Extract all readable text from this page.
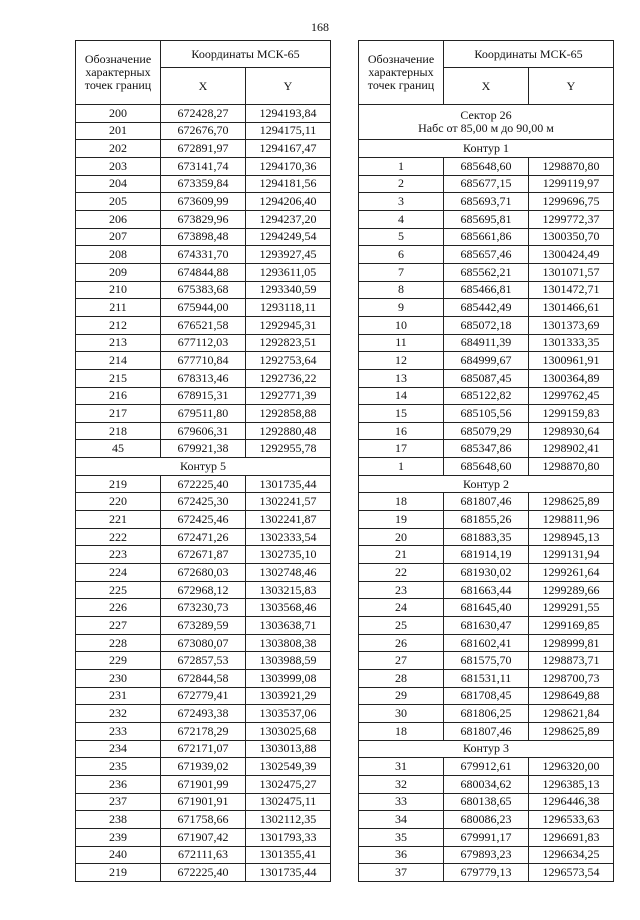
168
Обозначение характерных точек границ	Координаты МСК-65	
	X	Y
200	672428,27	1294193,84
201	672676,70	1294175,11
202	672891,97	1294167,47
203	673141,74	1294170,36
204	673359,84	1294181,56
205	673609,99	1294206,40
206	673829,96	1294237,20
207	673898,48	1294249,54
208	674331,70	1293927,45
209	674844,88	1293611,05
210	675383,68	1293340,59
211	675944,00	1293118,11
212	676521,58	1292945,31
213	677112,03	1292823,51
214	677710,84	1292753,64
215	678313,46	1292736,22
216	678915,31	1292771,39
217	679511,80	1292858,88
218	679606,31	1292880,48
45	679921,38	1292955,78
Контур 5		
219	672225,40	1301735,44
220	672425,30	1302241,57
221	672425,46	1302241,87
222	672471,26	1302333,54
223	672671,87	1302735,10
224	672680,03	1302748,46
225	672968,12	1303215,83
226	673230,73	1303568,46
227	673289,59	1303638,71
228	673080,07	1303808,38
229	672857,53	1303988,59
230	672844,58	1303999,08
231	672779,41	1303921,29
232	672493,38	1303537,06
233	672178,29	1303025,68
234	672171,07	1303013,88
235	671939,02	1302549,39
236	671901,99	1302475,27
237	671901,91	1302475,11
238	671758,66	1302112,35
239	671907,42	1301793,33
240	672111,63	1301355,41
219	672225,40	1301735,44
Обозначение характерных точек границ	Координаты МСК-65	
	X	Y
Сектор 26
Набс от 85,00 м до 90,00 м		
Контур 1		
1	685648,60	1298870,80
2	685677,15	1299119,97
3	685693,71	1299696,75
4	685695,81	1299772,37
5	685661,86	1300350,70
6	685657,46	1300424,49
7	685562,21	1301071,57
8	685466,81	1301472,71
9	685442,49	1301466,61
10	685072,18	1301373,69
11	684911,39	1301333,35
12	684999,67	1300961,91
13	685087,45	1300364,89
14	685122,82	1299762,45
15	685105,56	1299159,83
16	685079,29	1298930,64
17	685347,86	1298902,41
1	685648,60	1298870,80
Контур 2		
18	681807,46	1298625,89
19	681855,26	1298811,96
20	681883,35	1298945,13
21	681914,19	1299131,94
22	681930,02	1299261,64
23	681663,44	1299289,66
24	681645,40	1299291,55
25	681630,47	1299169,85
26	681602,41	1298999,81
27	681575,70	1298873,71
28	681531,11	1298700,73
29	681708,45	1298649,88
30	681806,25	1298621,84
18	681807,46	1298625,89
Контур 3		
31	679912,61	1296320,00
32	680034,62	1296385,13
33	680138,65	1296446,38
34	680086,23	1296533,63
35	679991,17	1296691,83
36	679893,23	1296634,25
37	679779,13	1296573,54
